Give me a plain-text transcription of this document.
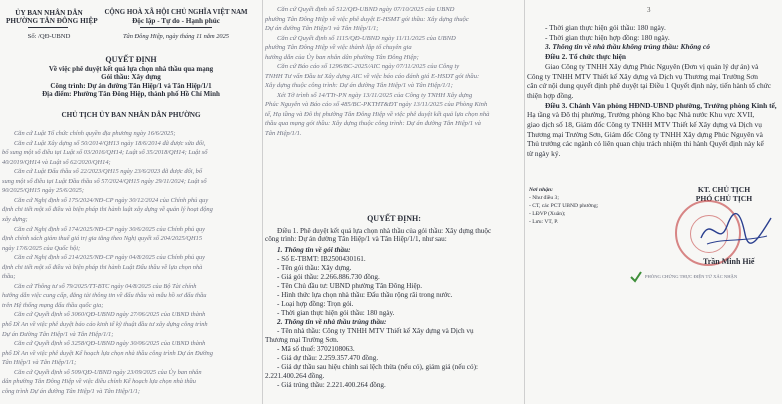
ỦY BAN NHÂN DÂN
PHƯỜNG TÂN ĐÔNG HIỆP
Số: /QĐ-UBND
CỘNG HOÀ XÃ HỘI CHỦ NGHĨA VIỆT NAM
Độc lập - Tự do - Hạnh phúc
Tân Đông Hiệp, ngày tháng 11 năm 2025
QUYẾT ĐỊNH
Về việc phê duyệt kết quả lựa chọn nhà thầu qua mạng
Gói thầu: Xây dựng
Công trình: Dự án đường Tân Hiệp/1 và Tân Hiệp/1/1
Địa điểm: Phường Tân Đông Hiệp, thành phố Hồ Chí Minh
CHỦ TỊCH ỦY BAN NHÂN DÂN PHƯỜNG
Căn cứ Luật Tổ chức chính quyền địa phương ngày 16/6/2025;
Căn cứ Luật Xây dựng số 50/2014/QH13 ngày 18/6/2014 đã được sửa đổi,
bổ sung một số điều tại Luật số 03/2016/QH14; Luật số 35/2018/QH14; Luật số
40/2019/QH14 và Luật số 62/2020/QH14;
Căn cứ Luật Đấu thầu số 22/2023/QH15 ngày 23/6/2023 đã được đổi, bổ
sung một số điều tại Luật Đầu thầu số 57/2024/QH15 ngày 29/11/2024; Luật số
90/2025/QH15 ngày 25/6/2025;
Căn cứ Nghị định số 175/2024/NĐ-CP ngày 30/12/2024 của Chính phủ quy
định chi tiết một số điều và biện pháp thi hành luật xây dựng về quản lý hoạt động
xây dựng;
Căn cứ Nghị định số 174/2025/NĐ-CP ngày 30/6/2025 của Chính phủ quy
định chính sách giảm thuế giá trị gia tăng theo Nghị quyết số 204/2025/QH15
ngày 17/6/2025 của Quốc hội;
Căn cứ Nghị định số 214/2025/NĐ-CP ngày 04/8/2025 của Chính phủ quy
định chi tiết một số điều và biện pháp thi hành Luật Đấu thầu về lựa chọn nhà
thầu;
Căn cứ Thông tư số 79/2025/TT-BTC ngày 04/8/2025 của Bộ Tài chính
hướng dẫn việc cung cấp, đăng tải thông tin về đấu thầu và mẫu hồ sơ đấu thầu
trên Hệ thống mạng đấu thầu quốc gia;
Căn cứ Quyết định số 3060/QĐ-UBND ngày 27/06/2025 của UBND thành
phố Dĩ An về việc phê duyệt báo cáo kinh tế kỹ thuật đầu tư xây dựng công trình
Dự án Đường Tân Hiệp/1 và Tân Hiệp/1/1;
Căn cứ Quyết định số 3258/QĐ-UBND ngày 30/06/2025 của UBND thành
phố Dĩ An về việc phê duyệt Kế hoạch lựa chọn nhà thầu công trình Dự án Đường
Tân Hiệp/1 và Tân Hiệp/1/1;
Căn cứ Quyết định số 509/QĐ-UBND ngày 23/09/2025 của Ủy ban nhân
dân phường Tân Đông Hiệp về việc điều chỉnh Kế hoạch lựa chọn nhà thầu
công trình Dự án đường Tân Hiệp/1 và Tân Hiệp/1/1;
Căn cứ Quyết định số 512/QĐ-UBND ngày 07/10/2025 của UBND
phường Tân Đông Hiệp về việc phê duyệt E-HSMT gói thầu: Xây dựng thuộc
Dự án đường Tân Hiệp/1 và Tân Hiệp/1/1;
Căn cứ Quyết định số 1115/QĐ-UBND ngày 11/11/2025 của UBND
phường Tân Đông Hiệp về việc thành lập tổ chuyên gia
hướng dẫn của Ủy ban nhân dân phường Tân Đông Hiệp;
Căn cứ Báo cáo số 1296/BC-2025/AIC ngày 07/11/2025 của Công ty
TNHH Tư vấn Đầu tư Xây dựng AIC về việc báo cáo đánh giá E-HSDT gói thầu:
Xây dựng thuộc công trình: Dự án đường Tân Hiệp/1 và Tân Hiệp/1/1;
Xét Tờ trình số 14/TTr-PN ngày 13/11/2025 của Công ty TNHH Xây dựng
Phúc Nguyên và Báo cáo số 485/BC-PKTHT&ĐT ngày 13/11/2025 của Phòng Kinh
tế, Hạ tầng và Đô thị phường Tân Đông Hiệp về việc phê duyệt kết quả lựa chọn nhà
thầu qua mạng gói thầu: Xây dựng thuộc công trình: Dự án đường Tân Hiệp/1 và
Tân Hiệp/1/1.
QUYẾT ĐỊNH:
Điều 1. Phê duyệt kết quả lựa chọn nhà thầu của gói thầu: Xây dựng thuộc
công trình: Dự án đường Tân Hiệp/1 và Tân Hiệp/1/1, như sau:
1. Thông tin về gói thầu:
- Số E-TBMT: IB2500430161.
- Tên gói thầu: Xây dựng.
- Giá gói thầu: 2.266.886.730 đồng.
- Tên Chủ đầu tư: UBND phường Tân Đông Hiệp.
- Hình thức lựa chọn nhà thầu: Đấu thầu rộng rãi trong nước.
- Loại hợp đồng: Trọn gói.
- Thời gian thực hiện gói thầu: 180 ngày.
2. Thông tin về nhà thầu trúng thầu:
- Tên nhà thầu: Công ty TNHH MTV Thiết kế Xây dựng và Dịch vụ
Thương mại Trường Sơn.
- Mã số thuế: 3702108063.
- Giá dự thầu: 2.259.357.470 đồng.
- Giá dự thầu sau hiệu chỉnh sai lệch thừa (nếu có), giảm giá (nếu có):
2.221.400.264 đồng.
- Giá trúng thầu: 2.221.400.264 đồng.
3
- Thời gian thực hiện gói thầu: 180 ngày.
- Thời gian thực hiện hợp đồng: 180 ngày.
3. Thông tin về nhà thầu không trúng thầu: Không có
Điều 2. Tổ chức thực hiện
Giao Công ty TNHH Xây dựng Phúc Nguyên (Đơn vị quản lý dự án) và
Công ty TNHH MTV Thiết kế Xây dựng và Dịch vụ Thương mại Trường Sơn
căn cứ nội dung quyết định phê duyệt tại Điều 1 Quyết định này, tiến hành tổ chức
thiện hợp đồng.
Điều 3. Chánh Văn phòng HĐND-UBND phường, Trưởng phòng Kinh tế,
Hạ tầng và Đô thị phường, Trưởng phòng Kho bạc Nhà nước Khu vực XVII,
giao dịch số 18, Giám đốc Công ty TNHH MTV Thiết kế Xây dựng và Dịch vụ
Thương mại Trường Sơn, Giám đốc Công ty TNHH Xây dựng Phúc Nguyên và
Thủ trưởng các ngành có liên quan chịu trách nhiệm thi hành Quyết định này kể
từ ngày ký.
Nơi nhận:
- Như điều 3;
- CT, các PCT UBND phường;
- LĐVP (Xuân);
- Lưu: VT, P.
KT. CHỦ TỊCH
PHÓ CHỦ TỊCH
Trần Minh Hiế
PHÒNG CHỨNG THỰC ĐIỆN TỬ XÁC NHẬN
